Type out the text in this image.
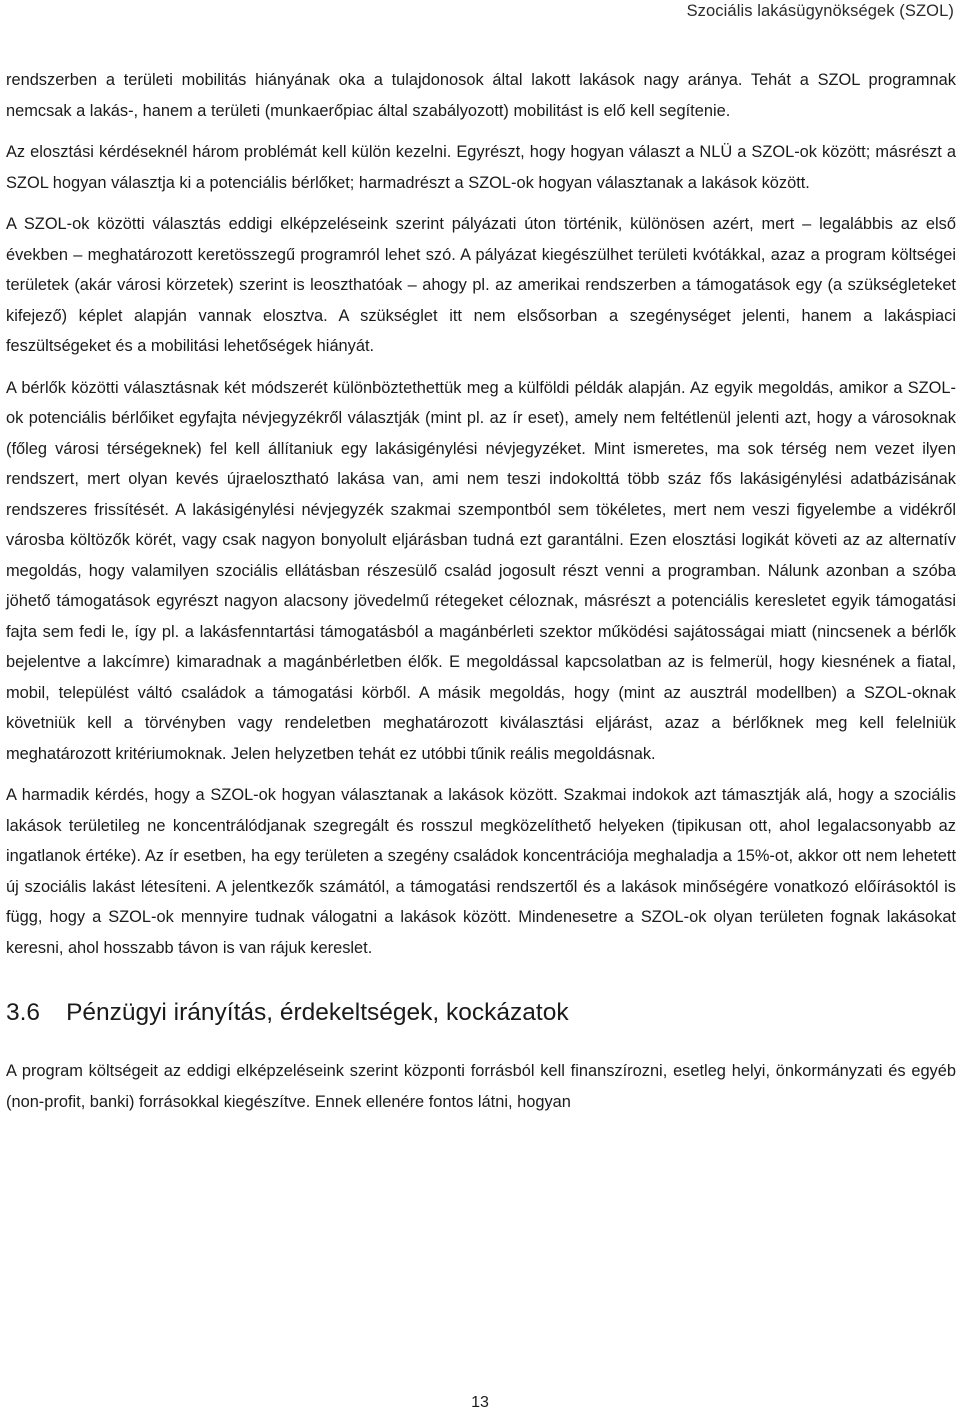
Szociális lakásügynökségek (SZOL)

rendszerben a területi mobilitás hiányának oka a tulajdonosok által lakott lakások nagy aránya. Tehát a SZOL programnak nemcsak a lakás-, hanem a területi (munkaerőpiac által szabályozott) mobilitást is elő kell segítenie.

Az elosztási kérdéseknél három problémát kell külön kezelni. Egyrészt, hogy hogyan választ a NLÜ a SZOL-ok között; másrészt a SZOL hogyan választja ki a potenciális bérlőket; harmadrészt a SZOL-ok hogyan választanak a lakások között.

A SZOL-ok közötti választás eddigi elképzeléseink szerint pályázati úton történik, különösen azért, mert – legalábbis az első években – meghatározott keretösszegű programról lehet szó. A pályázat kiegészülhet területi kvótákkal, azaz a program költségei területek (akár városi körzetek) szerint is leoszthatóak – ahogy pl. az amerikai rendszerben a támogatások egy (a szükségleteket kifejező) képlet alapján vannak elosztva. A szükséglet itt nem elsősorban a szegénységet jelenti, hanem a lakáspiaci feszültségeket és a mobilitási lehetőségek hiányát.

A bérlők közötti választásnak két módszerét különböztethettük meg a külföldi példák alapján. Az egyik megoldás, amikor a SZOL-ok potenciális bérlőiket egyfajta névjegyzékről választják (mint pl. az ír eset), amely nem feltétlenül jelenti azt, hogy a városoknak (főleg városi térségeknek) fel kell állítaniuk egy lakásigénylési névjegyzéket. Mint ismeretes, ma sok térség nem vezet ilyen rendszert, mert olyan kevés újraelosztható lakása van, ami nem teszi indokolttá több száz fős lakásigénylési adatbázisának rendszeres frissítését. A lakásigénylési névjegyzék szakmai szempontból sem tökéletes, mert nem veszi figyelembe a vidékről városba költözők körét, vagy csak nagyon bonyolult eljárásban tudná ezt garantálni. Ezen elosztási logikát követi az az alternatív megoldás, hogy valamilyen szociális ellátásban részesülő család jogosult részt venni a programban. Nálunk azonban a szóba jöhető támogatások egyrészt nagyon alacsony jövedelmű rétegeket céloznak, másrészt a potenciális keresletet egyik támogatási fajta sem fedi le, így pl. a lakásfenntartási támogatásból a magánbérleti szektor működési sajátosságai miatt (nincsenek a bérlők bejelentve a lakcímre) kimaradnak a magánbérletben élők. E megoldással kapcsolatban az is felmerül, hogy kiesnének a fiatal, mobil, települést váltó családok a támogatási körből. A másik megoldás, hogy (mint az ausztrál modellben) a SZOL-oknak követniük kell a törvényben vagy rendeletben meghatározott kiválasztási eljárást, azaz a bérlőknek meg kell felelniük meghatározott kritériumoknak. Jelen helyzetben tehát ez utóbbi tűnik reális megoldásnak.

A harmadik kérdés, hogy a SZOL-ok hogyan választanak a lakások között. Szakmai indokok azt támasztják alá, hogy a szociális lakások területileg ne koncentrálódjanak szegregált és rosszul megközelíthető helyeken (tipikusan ott, ahol legalacsonyabb az ingatlanok értéke). Az ír esetben, ha egy területen a szegény családok koncentrációja meghaladja a 15%-ot, akkor ott nem lehetett új szociális lakást létesíteni. A jelentkezők számától, a támogatási rendszertől és a lakások minőségére vonatkozó előírásoktól is függ, hogy a SZOL-ok mennyire tudnak válogatni a lakások között. Mindenesetre a SZOL-ok olyan területen fognak lakásokat keresni, ahol hosszabb távon is van rájuk kereslet.

3.6 Pénzügyi irányítás, érdekeltségek, kockázatok

A program költségeit az eddigi elképzeléseink szerint központi forrásból kell finanszírozni, esetleg helyi, önkormányzati és egyéb (non-profit, banki) forrásokkal kiegészítve. Ennek ellenére fontos látni, hogyan

13
